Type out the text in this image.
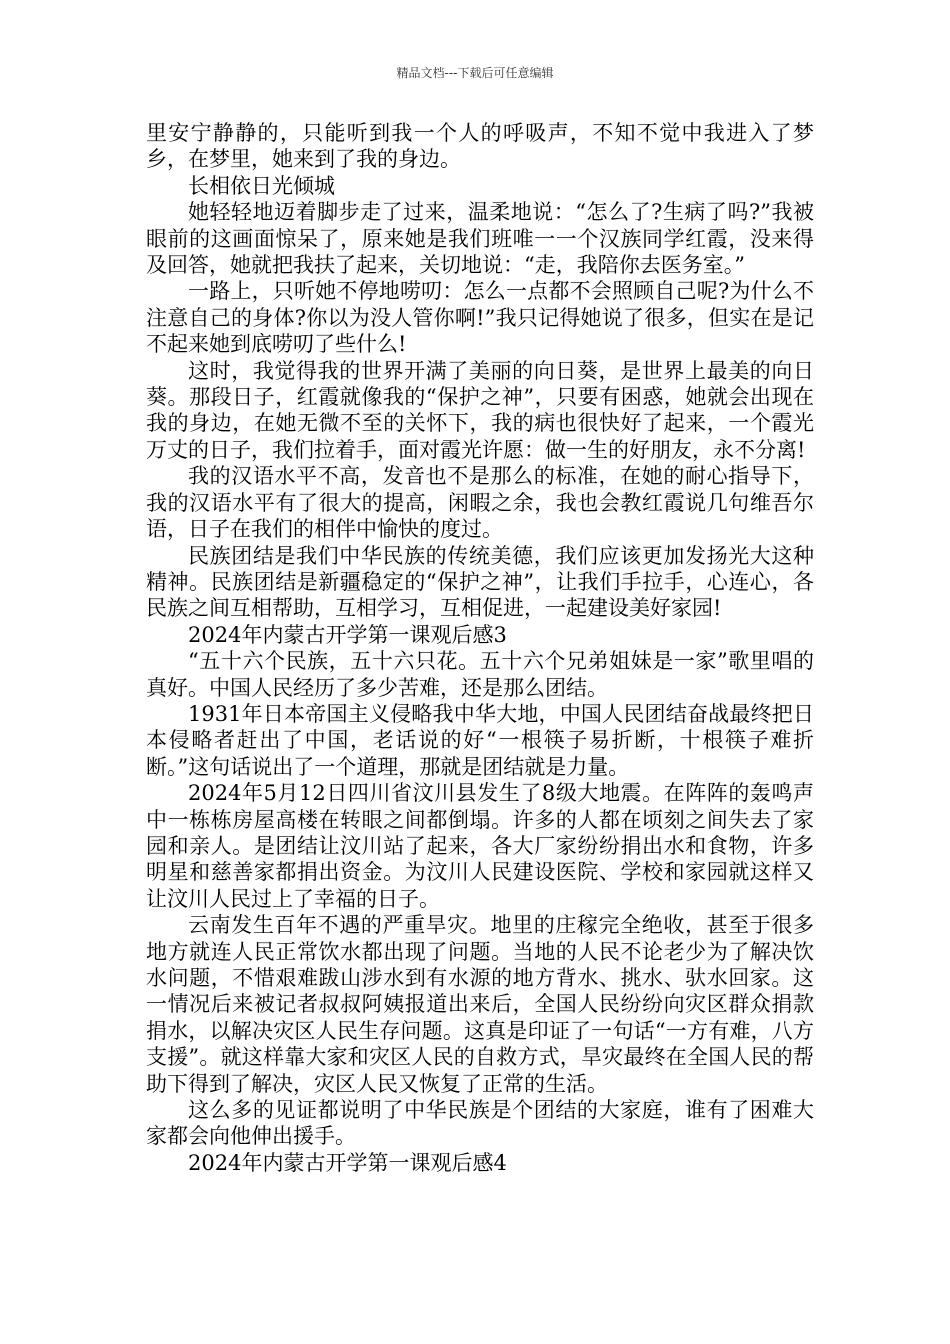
精品文档---下载后可任意编辑

里安宁静静的，只能听到我一个人的呼吸声，不知不觉中我进入了梦乡，在梦里，她来到了我的身边。

长相依日光倾城

她轻轻地迈着脚步走了过来，温柔地说：“怎么了?生病了吗?”我被眼前的这画面惊呆了，原来她是我们班唯一一个汉族同学红霞，没来得及回答，她就把我扶了起来，关切地说：“走，我陪你去医务室。”

一路上，只听她不停地唠叨：怎么一点都不会照顾自己呢?为什么不注意自己的身体?你以为没人管你啊!”我只记得她说了很多，但实在是记不起来她到底唠叨了些什么!

这时，我觉得我的世界开满了美丽的向日葵，是世界上最美的向日葵。那段日子，红霞就像我的“保护之神”，只要有困惑，她就会出现在我的身边，在她无微不至的关怀下，我的病也很快好了起来，一个霞光万丈的日子，我们拉着手，面对霞光许愿：做一生的好朋友，永不分离!

我的汉语水平不高，发音也不是那么的标准，在她的耐心指导下，我的汉语水平有了很大的提高，闲暇之余，我也会教红霞说几句维吾尔语，日子在我们的相伴中愉快的度过。

民族团结是我们中华民族的传统美德，我们应该更加发扬光大这种精神。民族团结是新疆稳定的“保护之神”，让我们手拉手，心连心，各民族之间互相帮助，互相学习，互相促进，一起建设美好家园!

2024年内蒙古开学第一课观后感3

“五十六个民族，五十六只花。五十六个兄弟姐妹是一家”歌里唱的真好。中国人民经历了多少苦难，还是那么团结。

1931年日本帝国主义侵略我中华大地，中国人民团结奋战最终把日本侵略者赶出了中国，老话说的好“一根筷子易折断，十根筷子难折断。”这句话说出了一个道理，那就是团结就是力量。

2024年5月12日四川省汶川县发生了8级大地震。在阵阵的轰鸣声中一栋栋房屋高楼在转眼之间都倒塌。许多的人都在顷刻之间失去了家园和亲人。是团结让汶川站了起来，各大厂家纷纷捐出水和食物，许多明星和慈善家都捐出资金。为汶川人民建设医院、学校和家园就这样又让汶川人民过上了幸福的日子。

云南发生百年不遇的严重旱灾。地里的庄稼完全绝收，甚至于很多地方就连人民正常饮水都出现了问题。当地的人民不论老少为了解决饮水问题，不惜艰难跋山涉水到有水源的地方背水、挑水、驮水回家。这一情况后来被记者叔叔阿姨报道出来后，全国人民纷纷向灾区群众捐款捐水，以解决灾区人民生存问题。这真是印证了一句话“一方有难，八方支援”。就这样靠大家和灾区人民的自救方式，旱灾最终在全国人民的帮助下得到了解决，灾区人民又恢复了正常的生活。

这么多的见证都说明了中华民族是个团结的大家庭，谁有了困难大家都会向他伸出援手。

2024年内蒙古开学第一课观后感4
